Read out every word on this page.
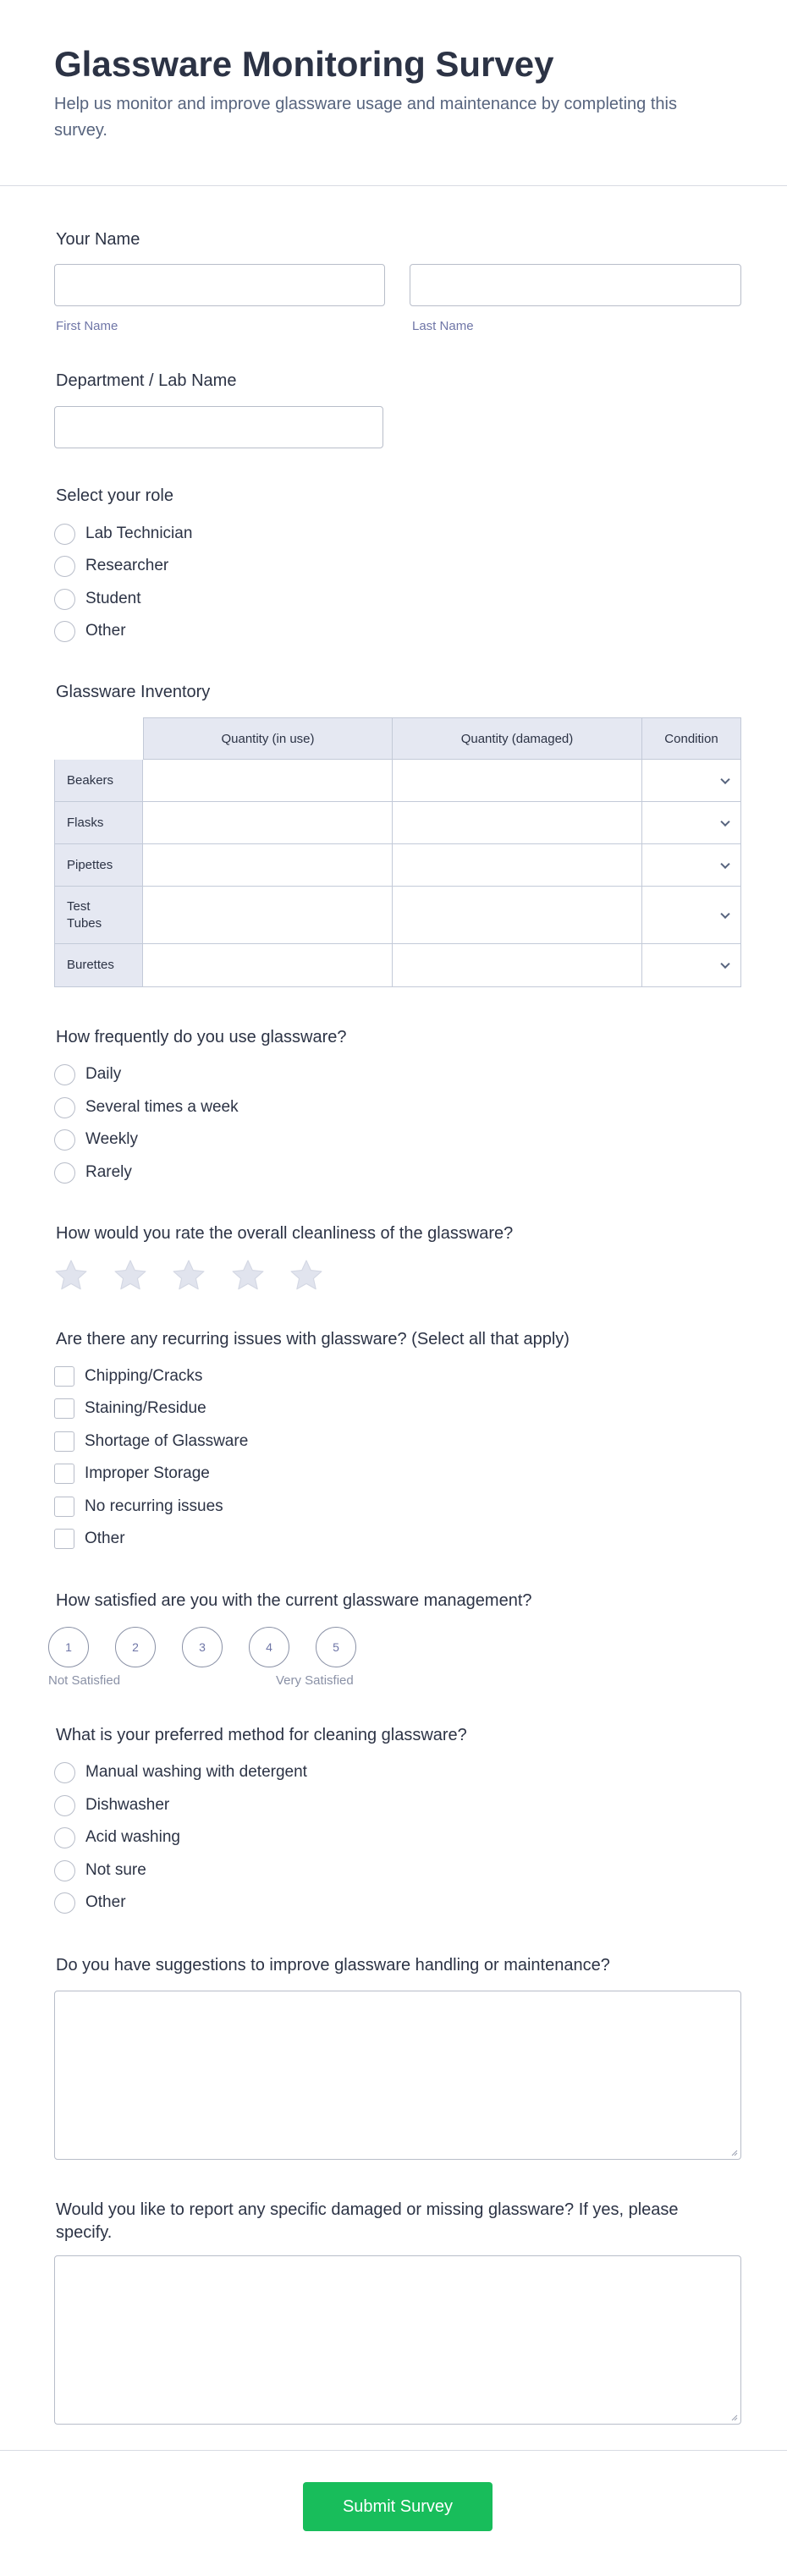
Glassware Monitoring Survey

Help us monitor and improve glassware usage and maintenance by completing this survey.

Your Name
First Name	Last Name
Department / Lab Name
Select your role
Lab Technician
Researcher
Student
Other
Glassware Inventory
Quantity (in use)	Quantity (damaged)	Condition
Beakers
Flasks
Pipettes
Test Tubes
Burettes
How frequently do you use glassware?
Daily
Several times a week
Weekly
Rarely
How would you rate the overall cleanliness of the glassware?
Are there any recurring issues with glassware? (Select all that apply)
Chipping/Cracks
Staining/Residue
Shortage of Glassware
Improper Storage
No recurring issues
Other
How satisfied are you with the current glassware management?
1	2	3	4	5
Not Satisfied	Very Satisfied
What is your preferred method for cleaning glassware?
Manual washing with detergent
Dishwasher
Acid washing
Not sure
Other
Do you have suggestions to improve glassware handling or maintenance?
Would you like to report any specific damaged or missing glassware? If yes, please specify.
Submit Survey
